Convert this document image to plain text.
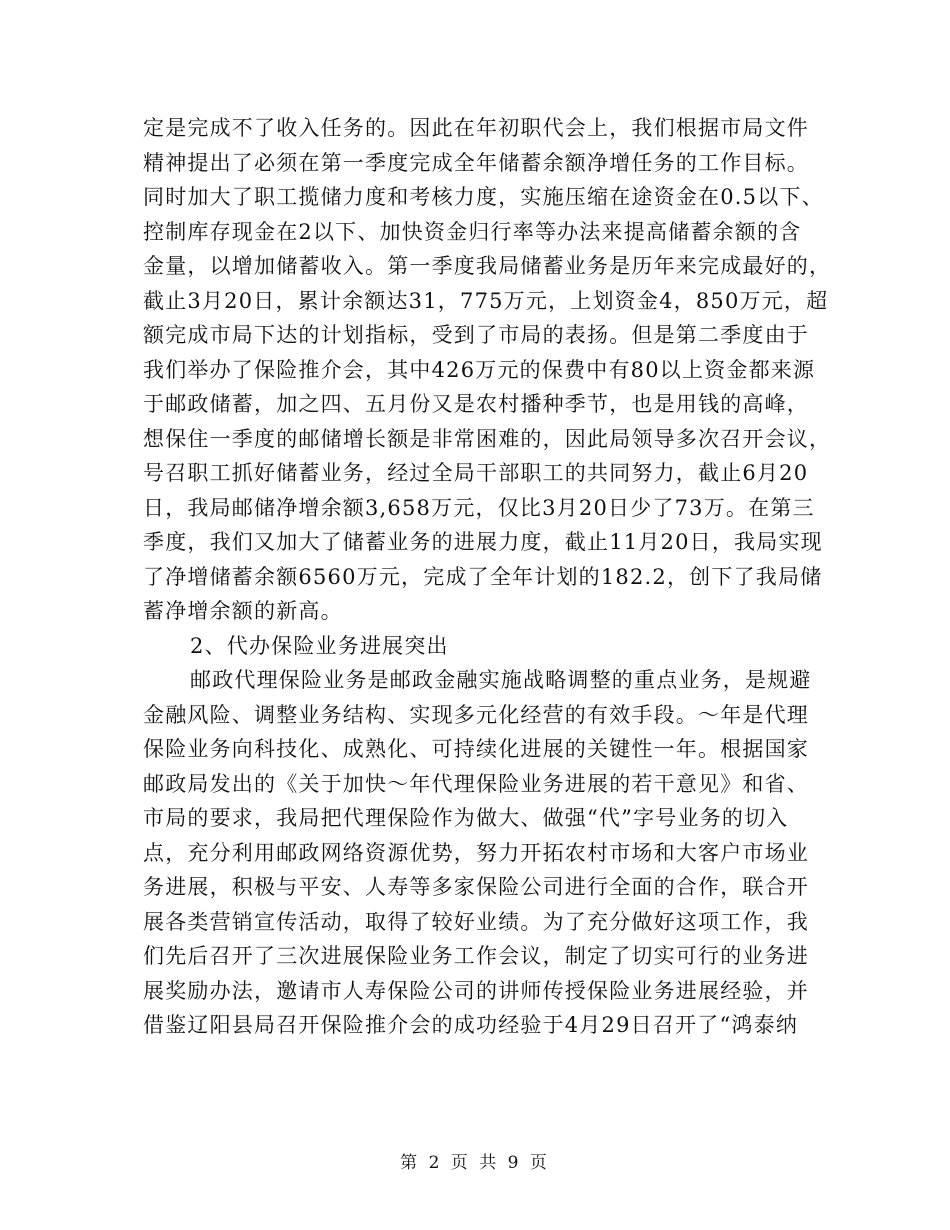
定是完成不了收入任务的。因此在年初职代会上，我们根据市局文件
精神提出了必须在第一季度完成全年储蓄余额净增任务的工作目标。
同时加大了职工揽储力度和考核力度，实施压缩在途资金在0.5以下、
控制库存现金在2以下、加快资金归行率等办法来提高储蓄余额的含
金量，以增加储蓄收入。第一季度我局储蓄业务是历年来完成最好的，
截止3月20日，累计余额达31，775万元，上划资金4，850万元，超
额完成市局下达的计划指标，受到了市局的表扬。但是第二季度由于
我们举办了保险推介会，其中426万元的保费中有80以上资金都来源
于邮政储蓄，加之四、五月份又是农村播种季节，也是用钱的高峰，
想保住一季度的邮储增长额是非常困难的，因此局领导多次召开会议，
号召职工抓好储蓄业务，经过全局干部职工的共同努力，截止6月20
日，我局邮储净增余额3,658万元，仅比3月20日少了73万。在第三
季度，我们又加大了储蓄业务的进展力度，截止11月20日，我局实现
了净增储蓄余额6560万元，完成了全年计划的182.2，创下了我局储
蓄净增余额的新高。
2、代办保险业务进展突出
邮政代理保险业务是邮政金融实施战略调整的重点业务，是规避
金融风险、调整业务结构、实现多元化经营的有效手段。～年是代理
保险业务向科技化、成熟化、可持续化进展的关键性一年。根据国家
邮政局发出的《关于加快～年代理保险业务进展的若干意见》和省、
市局的要求，我局把代理保险作为做大、做强“代”字号业务的切入
点，充分利用邮政网络资源优势，努力开拓农村市场和大客户市场业
务进展，积极与平安、人寿等多家保险公司进行全面的合作，联合开
展各类营销宣传活动，取得了较好业绩。为了充分做好这项工作，我
们先后召开了三次进展保险业务工作会议，制定了切实可行的业务进
展奖励办法，邀请市人寿保险公司的讲师传授保险业务进展经验，并
借鉴辽阳县局召开保险推介会的成功经验于4月29日召开了“鸿泰纳
第 2 页 共 9 页
